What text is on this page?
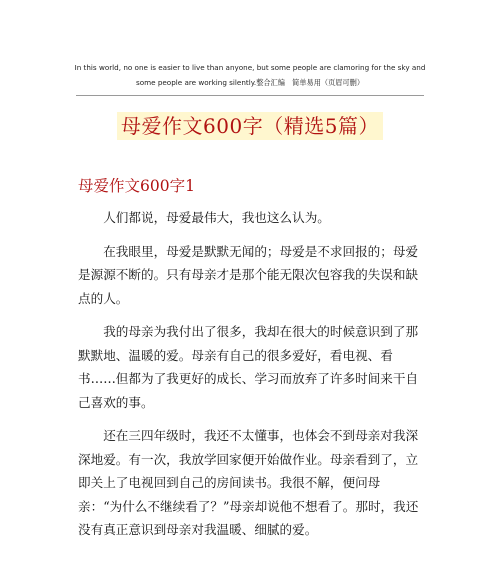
In this world, no one is easier to live than anyone, but some people are clamoring for the sky and some people are working silently.整合汇编　简单易用（页眉可删）
母爱作文600字（精选5篇）
母爱作文600字1

人们都说，母爱最伟大，我也这么认为。

在我眼里，母爱是默默无闻的；母爱是不求回报的；母爱是源源不断的。只有母亲才是那个能无限次包容我的失误和缺点的人。

我的母亲为我付出了很多，我却在很大的时候意识到了那默默地、温暖的爱。母亲有自己的很多爱好，看电视、看书……但都为了我更好的成长、学习而放弃了许多时间来干自己喜欢的事。

还在三四年级时，我还不太懂事，也体会不到母亲对我深深地爱。有一次，我放学回家便开始做作业。母亲看到了，立即关上了电视回到自己的房间读书。我很不解，便问母亲：“为什么不继续看了？”母亲却说他不想看了。那时，我还没有真正意识到母亲对我温暖、细腻的爱。
